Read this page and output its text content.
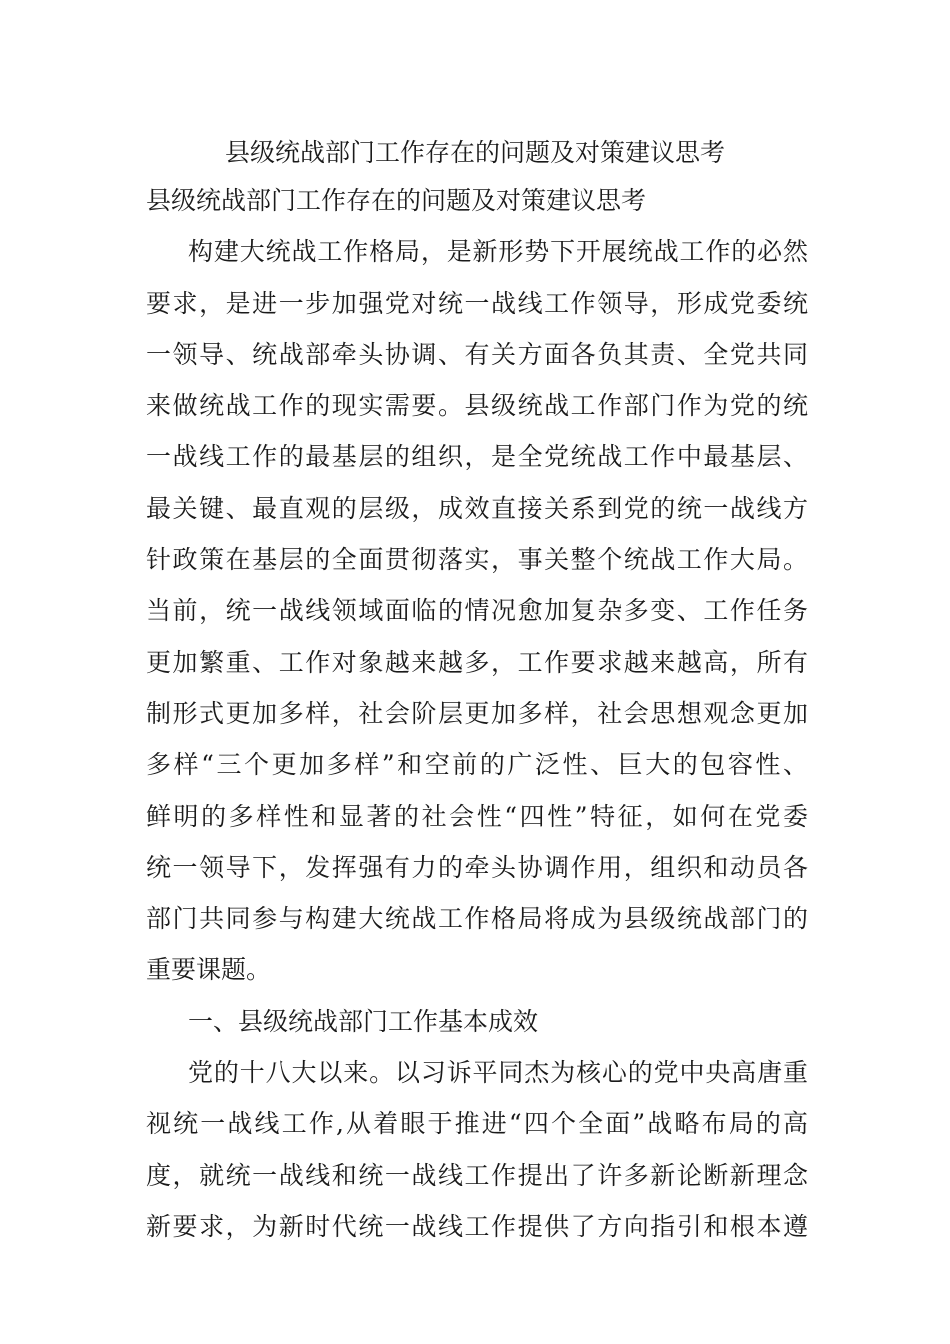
县级统战部门工作存在的问题及对策建议思考
县级统战部门工作存在的问题及对策建议思考
构建大统战工作格局，是新形势下开展统战工作的必然
要求，是进一步加强党对统一战线工作领导，形成党委统
一领导、统战部牵头协调、有关方面各负其责、全党共同
来做统战工作的现实需要。县级统战工作部门作为党的统
一战线工作的最基层的组织，是全党统战工作中最基层、
最关键、最直观的层级，成效直接关系到党的统一战线方
针政策在基层的全面贯彻落实，事关整个统战工作大局。
当前，统一战线领域面临的情况愈加复杂多变、工作任务
更加繁重、工作对象越来越多，工作要求越来越高，所有
制形式更加多样，社会阶层更加多样，社会思想观念更加
多样“三个更加多样”和空前的广泛性、巨大的包容性、
鲜明的多样性和显著的社会性“四性”特征，如何在党委
统一领导下，发挥强有力的牵头协调作用，组织和动员各
部门共同参与构建大统战工作格局将成为县级统战部门的
重要课题。
一、县级统战部门工作基本成效
党的十八大以来。以习诉平同杰为核心的党中央高唐重
视统一战线工作,从着眼于推进“四个全面”战略布局的高
度，就统一战线和统一战线工作提出了许多新论断新理念
新要求，为新时代统一战线工作提供了方向指引和根本遵
